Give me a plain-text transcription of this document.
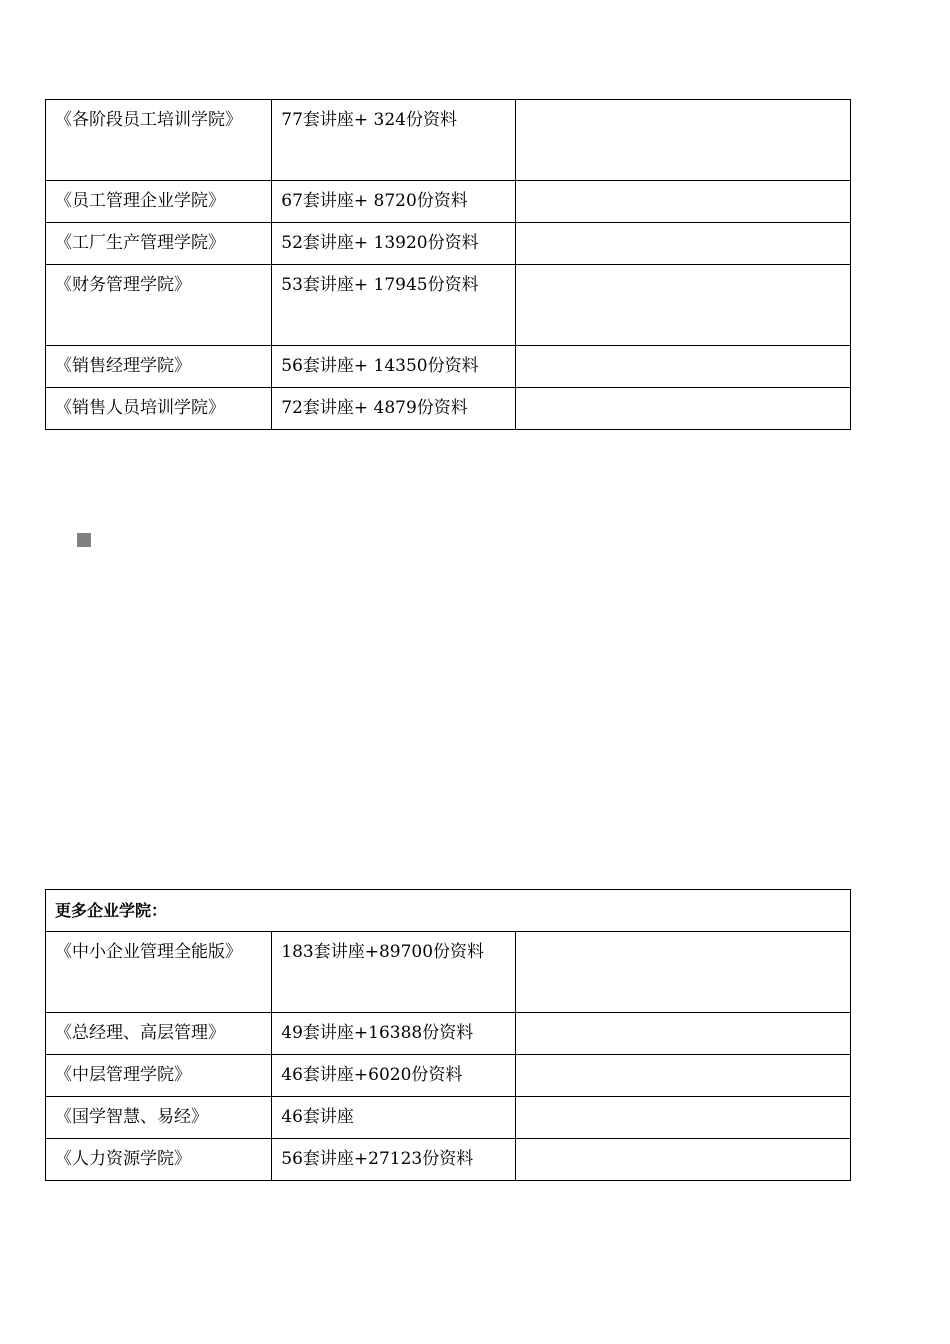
《各阶段员工培训学院》	77套讲座+ 324份资料	
《员工管理企业学院》	67套讲座+ 8720份资料	
《工厂生产管理学院》	52套讲座+ 13920份资料	
《财务管理学院》	53套讲座+ 17945份资料	
《销售经理学院》	56套讲座+ 14350份资料	
《销售人员培训学院》	72套讲座+ 4879份资料	
更多企业学院：		
《中小企业管理全能版》	183套讲座+89700份资料	
《总经理、高层管理》	49套讲座+16388份资料	
《中层管理学院》	46套讲座+6020份资料	
《国学智慧、易经》	46套讲座	
《人力资源学院》	56套讲座+27123份资料	
